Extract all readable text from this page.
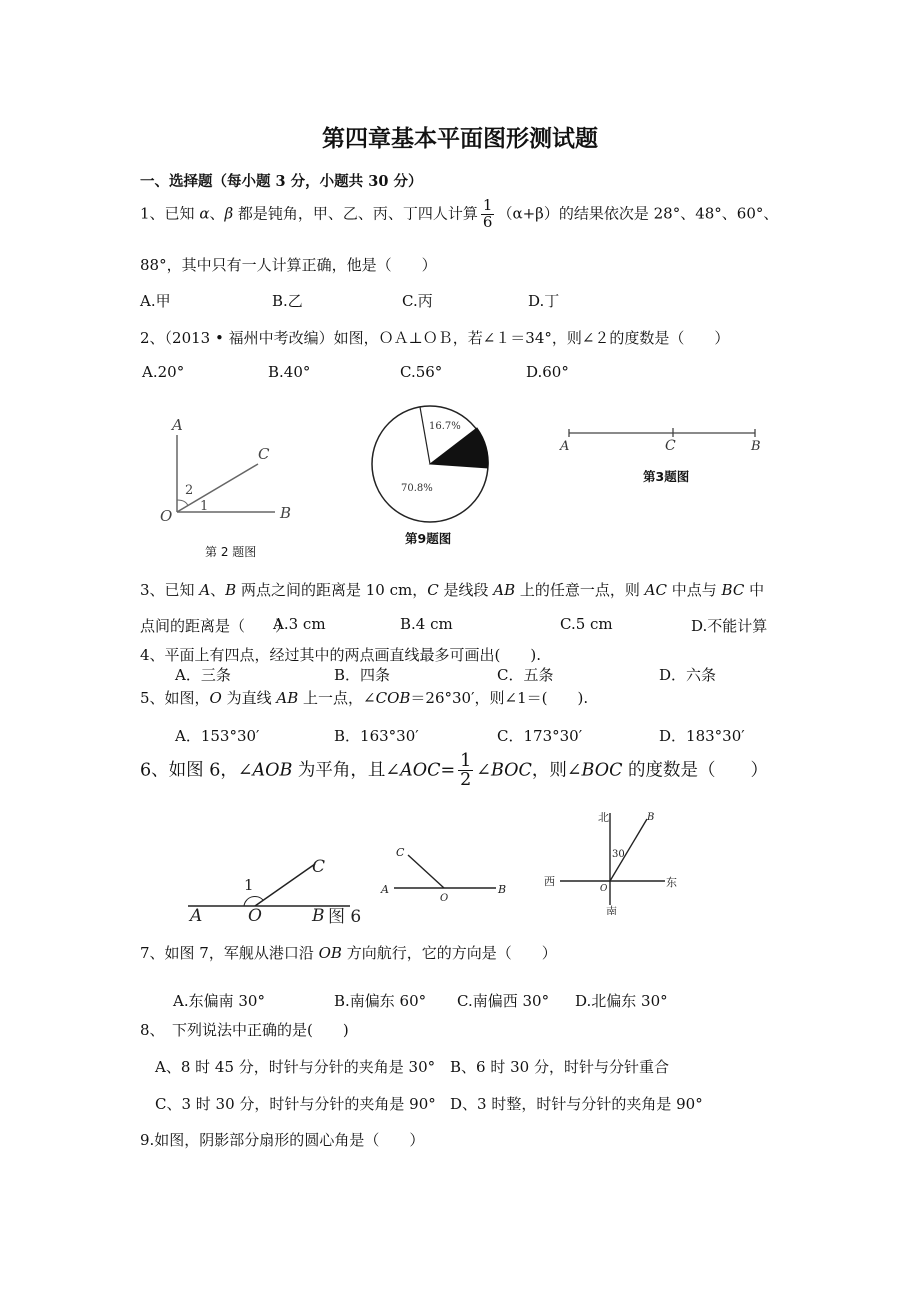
第四章基本平面图形测试题
一、选择题（每小题 3 分，小题共 30 分）
1、已知 α、β 都是钝角，甲、乙、丙、丁四人计算 $\frac{1}{6} (\alpha+\beta)$的结果依次是 28°、48°、60°、
88°，其中只有一人计算正确，他是（　　）
A.甲	B.乙	C.丙	D.丁
2、（2013 • 福州中考改编）如图，ＯＡ⊥ＯＢ，若∠１＝34°，则∠２的度数是（　　）
A.20°	B.40°	C.56°	D.60°
A
C
B
O
2
1
第 2 题图
16.7%
70.8%
第9题图
A	C	B
第3题图
3、已知 A、B 两点之间的距离是 10 cm，C 是线段 AB 上的任意一点，则 AC 中点与 BC 中
点间的距离是（　　）
A.3 cm	B.4 cm	C.5 cm	D.不能计算
4、平面上有四点，经过其中的两点画直线最多可画出(　　).
A．三条	B．四条	C．五条	D．六条
5、如图，O 为直线 AB 上一点，∠COB＝26°30′，则∠1＝(　　).
A．153°30′	B．163°30′	C．173°30′	D．183°30′
6、如图 6，∠AOB 为平角，且∠AOC= $\frac{1}{2}$ ∠BOC，则∠BOC 的度数是（　　）
A	O	B 图 6
C
1	A
O
B
C
北
南
西	东
O
B
30
7、如图 7，军舰从港口沿 OB 方向航行，它的方向是（　　）
A.东偏南 30°	B.南偏东 60° C.南偏西 30° D.北偏东 30°
8、　下列说法中正确的是(　　)
A、8 时 45 分，时针与分针的夹角是 30° B、6 时 30 分，时针与分针重合
C、3 时 30 分，时针与分针的夹角是 90° D、3 时整，时针与分针的夹角是 90°
9.如图，阴影部分扇形的圆心角是（　　）
